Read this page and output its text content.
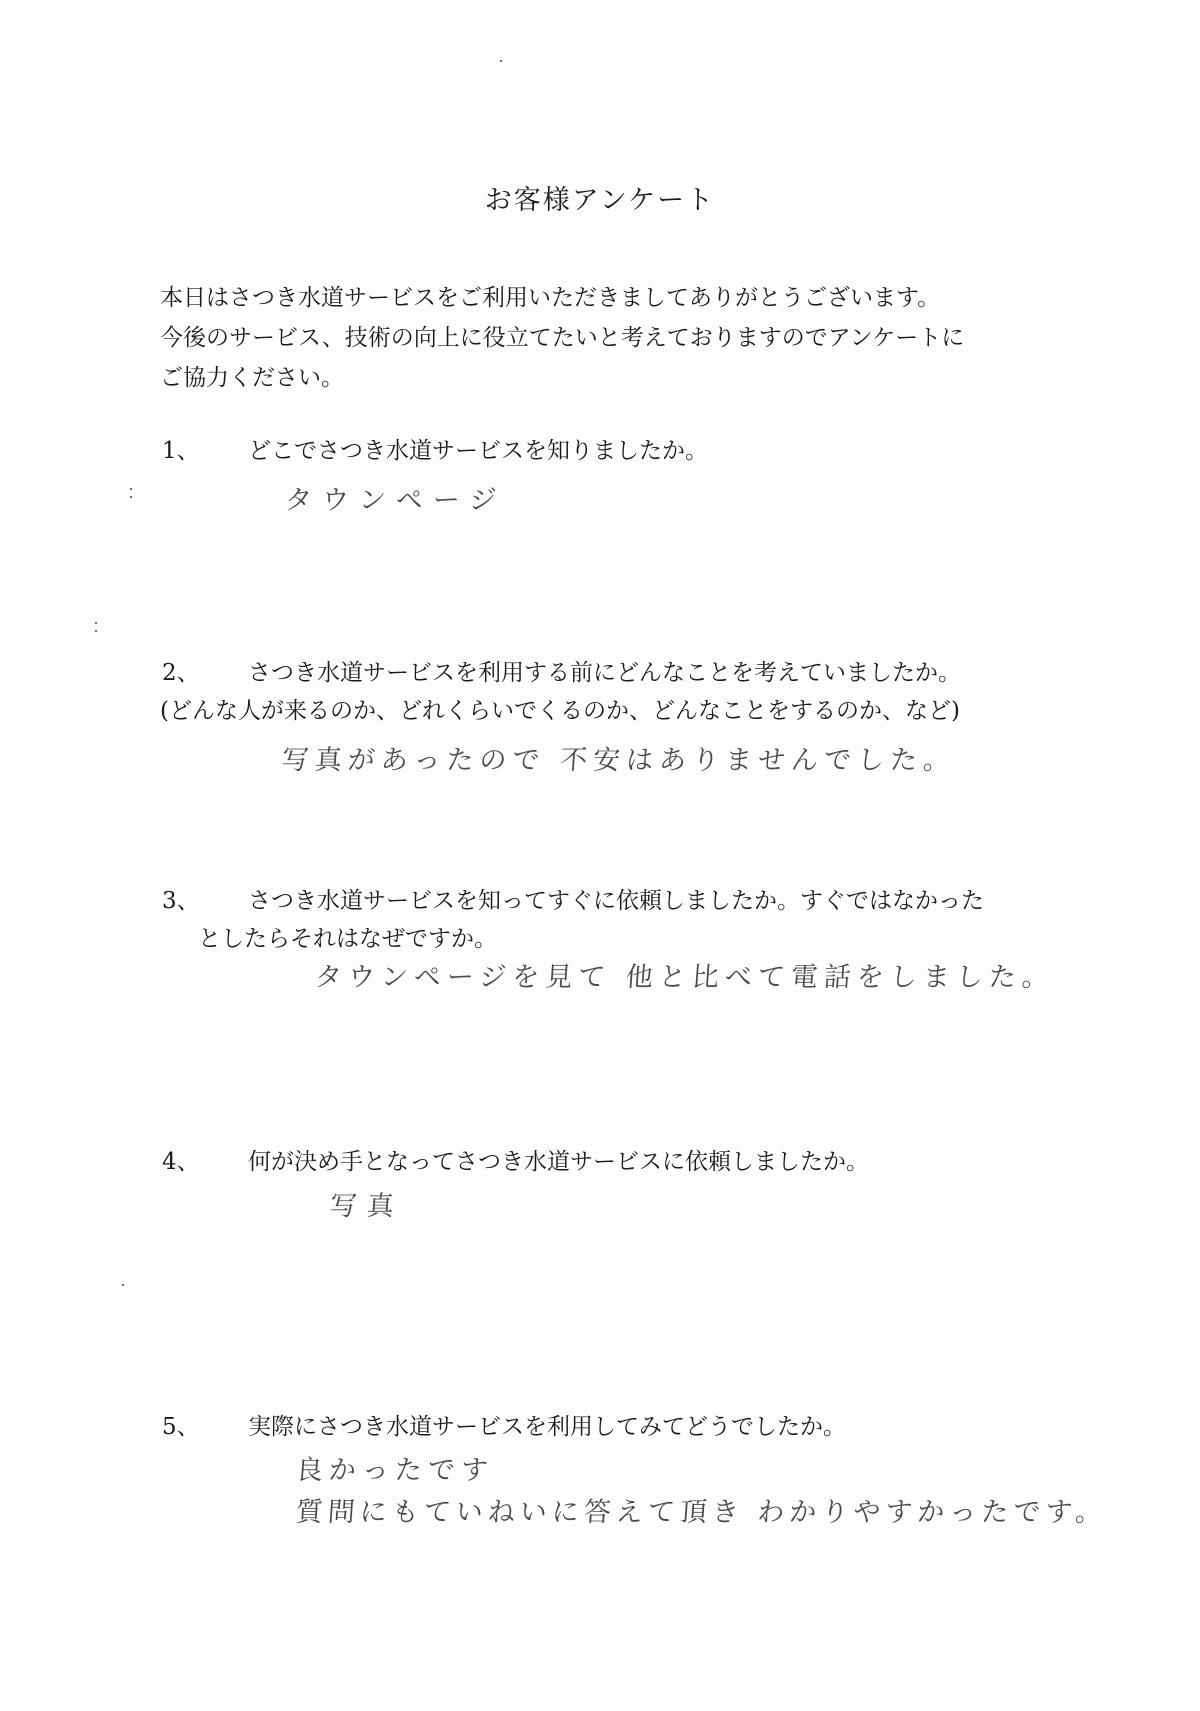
お客様アンケート
本日はさつき水道サービスをご利用いただきましてありがとうございます。
今後のサービス、技術の向上に役立てたいと考えておりますのでアンケートに
ご協力ください。
1、 どこでさつき水道サービスを知りましたか。
タウンページ
2、 さつき水道サービスを利用する前にどんなことを考えていましたか。
(どんな人が来るのか、どれくらいでくるのか、どんなことをするのか、など)
写真があったので 不安はありませんでした。
3、 さつき水道サービスを知ってすぐに依頼しましたか。すぐではなかった
としたらそれはなぜですか。
タウンページを見て 他と比べて電話をしました。
4、 何が決め手となってさつき水道サービスに依頼しましたか。
写真
5、 実際にさつき水道サービスを利用してみてどうでしたか。
良かったです
質問にもていねいに答えて頂き わかりやすかったです。
